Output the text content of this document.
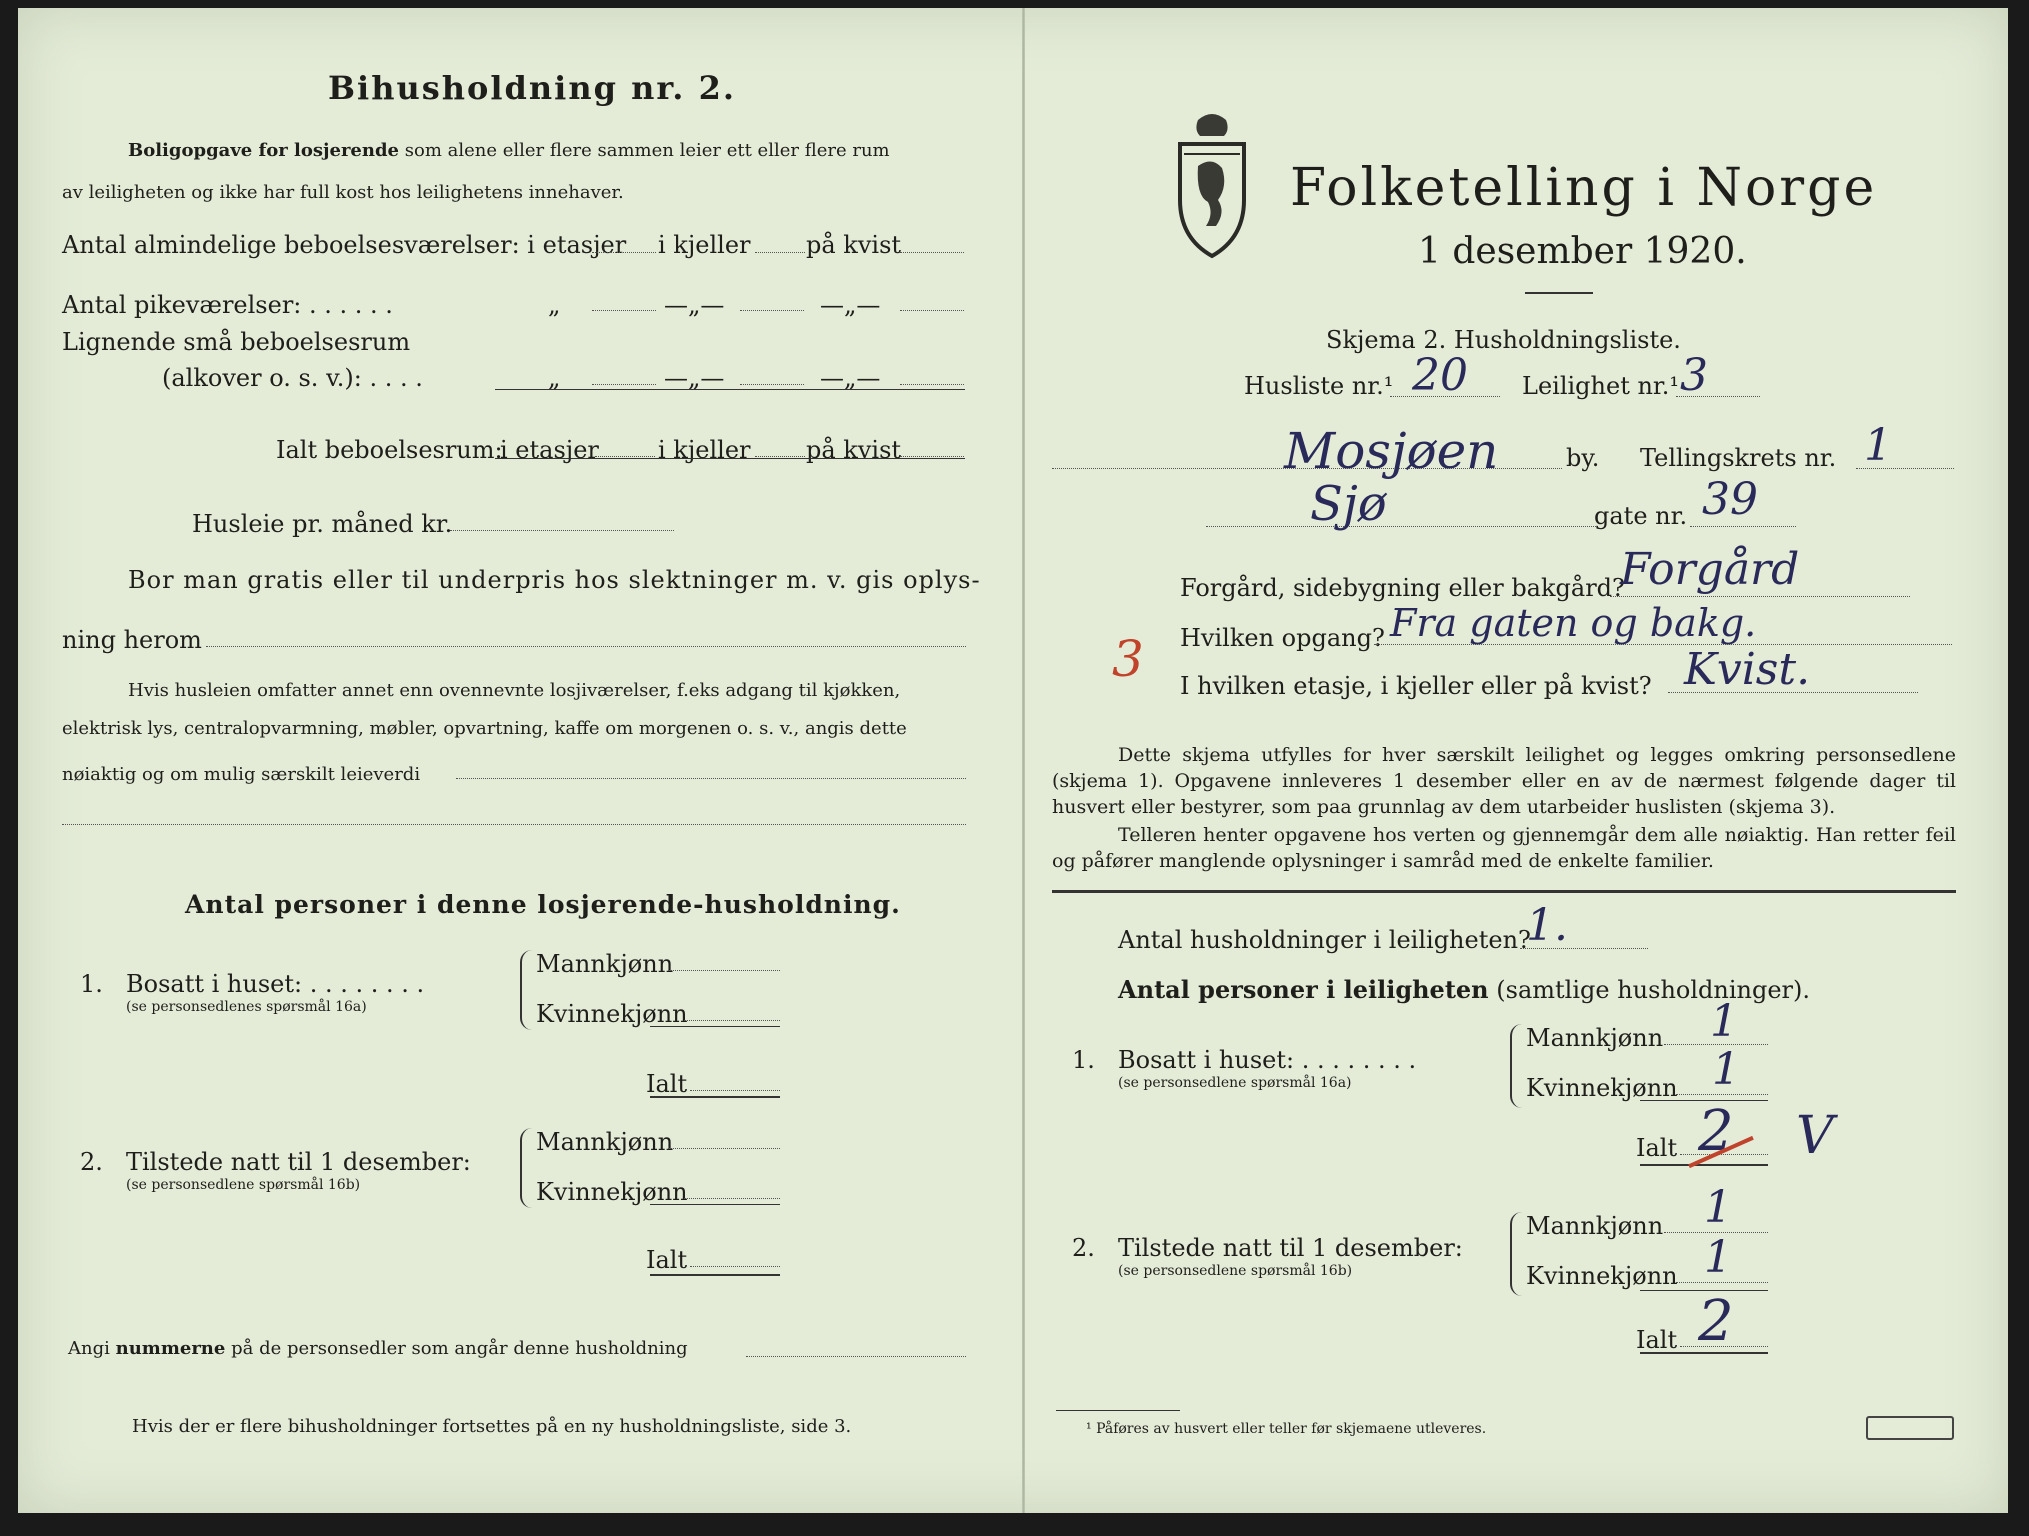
Bihusholdning nr. 2.
Boligopgave for losjerende som alene eller flere sammen leier ett eller flere rum
av leiligheten og ikke har full kost hos leilighetens innehaver.
Antal almindelige beboelsesværelser: i etasjer i kjeller på kvist
Antal pikeværelser: . . . . . .	„	—„—	—„—
Lignende små beboelsesrum
(alkover o. s. v.): . . . .	„	—„—	—„—
Ialt beboelsesrum:
i etasjer i kjeller på kvist
Husleie pr. måned kr.
Bor man gratis eller til underpris hos slektninger m. v. gis oplys-
ning herom
Hvis husleien omfatter annet enn ovennevnte losjiværelser, f.eks adgang til kjøkken,
elektrisk lys, centralopvarmning, møbler, opvartning, kaffe om morgenen o. s. v., angis dette
nøiaktig og om mulig særskilt leieverdi
Antal personer i denne losjerende-husholdning.
1. Bosatt i huset: . . . . . . . .
(se personsedlenes spørsmål 16a)
Mannkjønn
Kvinnekjønn
Ialt
2. Tilstede natt til 1 desember:
(se personsedlene spørsmål 16b)
Mannkjønn
Kvinnekjønn
Ialt
Angi nummerne på de personsedler som angår denne husholdning
Hvis der er flere bihusholdninger fortsettes på en ny husholdningsliste, side 3.
Folketelling i Norge
1 desember 1920.
Skjema 2. Husholdningsliste.
Husliste nr.¹ 20 Leilighet nr.¹ 3
Mosjøen	by. Tellingskrets nr. 1
Sjø	gate nr. 39
Forgård, sidebygning eller bakgård?
Forgård
3 Hvilken opgang? Fra gaten og bakg.
I hvilken etasje, i kjeller eller på kvist? Kvist.
Dette skjema utfylles for hver særskilt leilighet og legges omkring personsedlene (skjema 1). Opgavene innleveres 1 desember eller en av de nærmest følgende dager til husvert eller bestyrer, som paa grunnlag av dem utarbeider huslisten (skjema 3).
Telleren henter opgavene hos verten og gjennemgår dem alle nøiaktig. Han retter feil og påfører manglende oplysninger i samråd med de enkelte familier.
Antal husholdninger i leiligheten?
1.
Antal personer i leiligheten (samtlige husholdninger).
1. Bosatt i huset: . . . . . . . .
(se personsedlene spørsmål 16a)
Mannkjønn 1
Kvinnekjønn 1
Ialt 2 V
2. Tilstede natt til 1 desember:
(se personsedlene spørsmål 16b)
Mannkjønn 1
Kvinnekjønn 1
Ialt 2
¹ Påføres av husvert eller teller før skjemaene utleveres.
